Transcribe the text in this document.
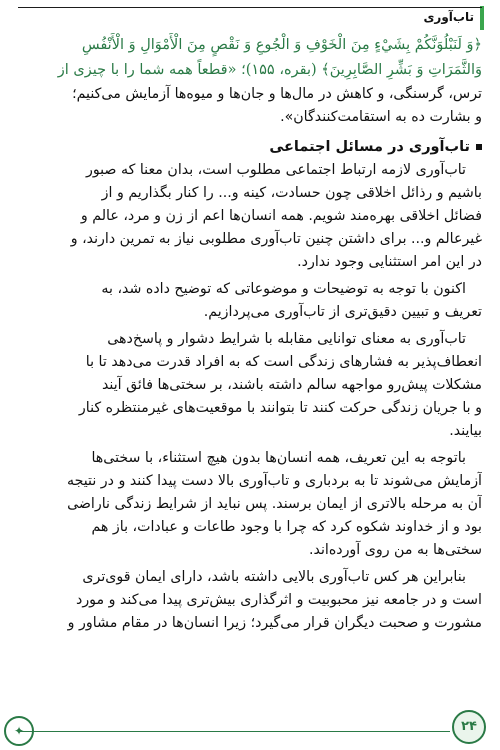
تاب‌آوری
﴿وَ لَنَبْلُوَنَّكُمْ بِشَيْءٍ مِنَ الْخَوْفِ وَ الْجُوعِ وَ نَقْصٍ مِنَ الْأَمْوَالِ وَ الْأَنْفُسِ
وَالثَّمَرَاتِ وَ بَشِّرِ الصَّابِرِينَ﴾ (بقره، ۱۵۵)؛ «قطعاً همه شما را با چیزی از
ترس، گرسنگی، و کاهش در مال‌ها و جان‌ها و میوه‌ها آزمایش می‌کنیم؛
و بشارت ده به استقامت‌کنندگان».
تاب‌آوری در مسائل اجتماعی
تاب‌آوری لازمه ارتباط اجتماعی مطلوب است، بدان معنا که صبور
باشیم و رذائل اخلاقی چون حسادت، کینه و... را کنار بگذاریم و از
فضائل اخلاقی بهره‌مند شویم. همه انسان‌ها اعم از زن و مرد، عالم و
غیرعالم و... برای داشتن چنین تاب‌آوری مطلوبی نیاز به تمرین دارند، و
در این امر استثنایی وجود ندارد.
اکنون با توجه به توضیحات و موضوعاتی که توضیح داده شد، به
تعریف و تبیین دقیق‌تری از تاب‌آوری می‌پردازیم.
تاب‌آوری به معنای توانایی مقابله با شرایط دشوار و پاسخ‌دهی
انعطاف‌پذیر به فشارهای زندگی است که به افراد قدرت می‌دهد تا با
مشکلات پیش‌رو مواجهه سالم داشته باشند، بر سختی‌ها فائق آیند
و با جریان زندگی حرکت کنند تا بتوانند با موقعیت‌های غیرمنتظره کنار
بیایند.
باتوجه به این تعریف، همه انسان‌ها بدون هیچ استثناء، با سختی‌ها
آزمایش می‌شوند تا به بردباری و تاب‌آوری بالا دست پیدا کنند و در نتیجه
آن به مرحله بالاتری از ایمان برسند. پس نباید از شرایط زندگی ناراضی
بود و از خداوند شکوه کرد که چرا با وجود طاعات و عبادات، باز هم
سختی‌ها به من روی آورده‌اند.
بنابراین هر کس تاب‌آوری بالایی داشته باشد، دارای ایمان قوی‌تری
است و در جامعه نیز محبوبیت و اثرگذاری بیش‌تری پیدا می‌کند و مورد
مشورت و صحبت دیگران قرار می‌گیرد؛ زیرا انسان‌ها در مقام مشاور و
۲۴
✦
